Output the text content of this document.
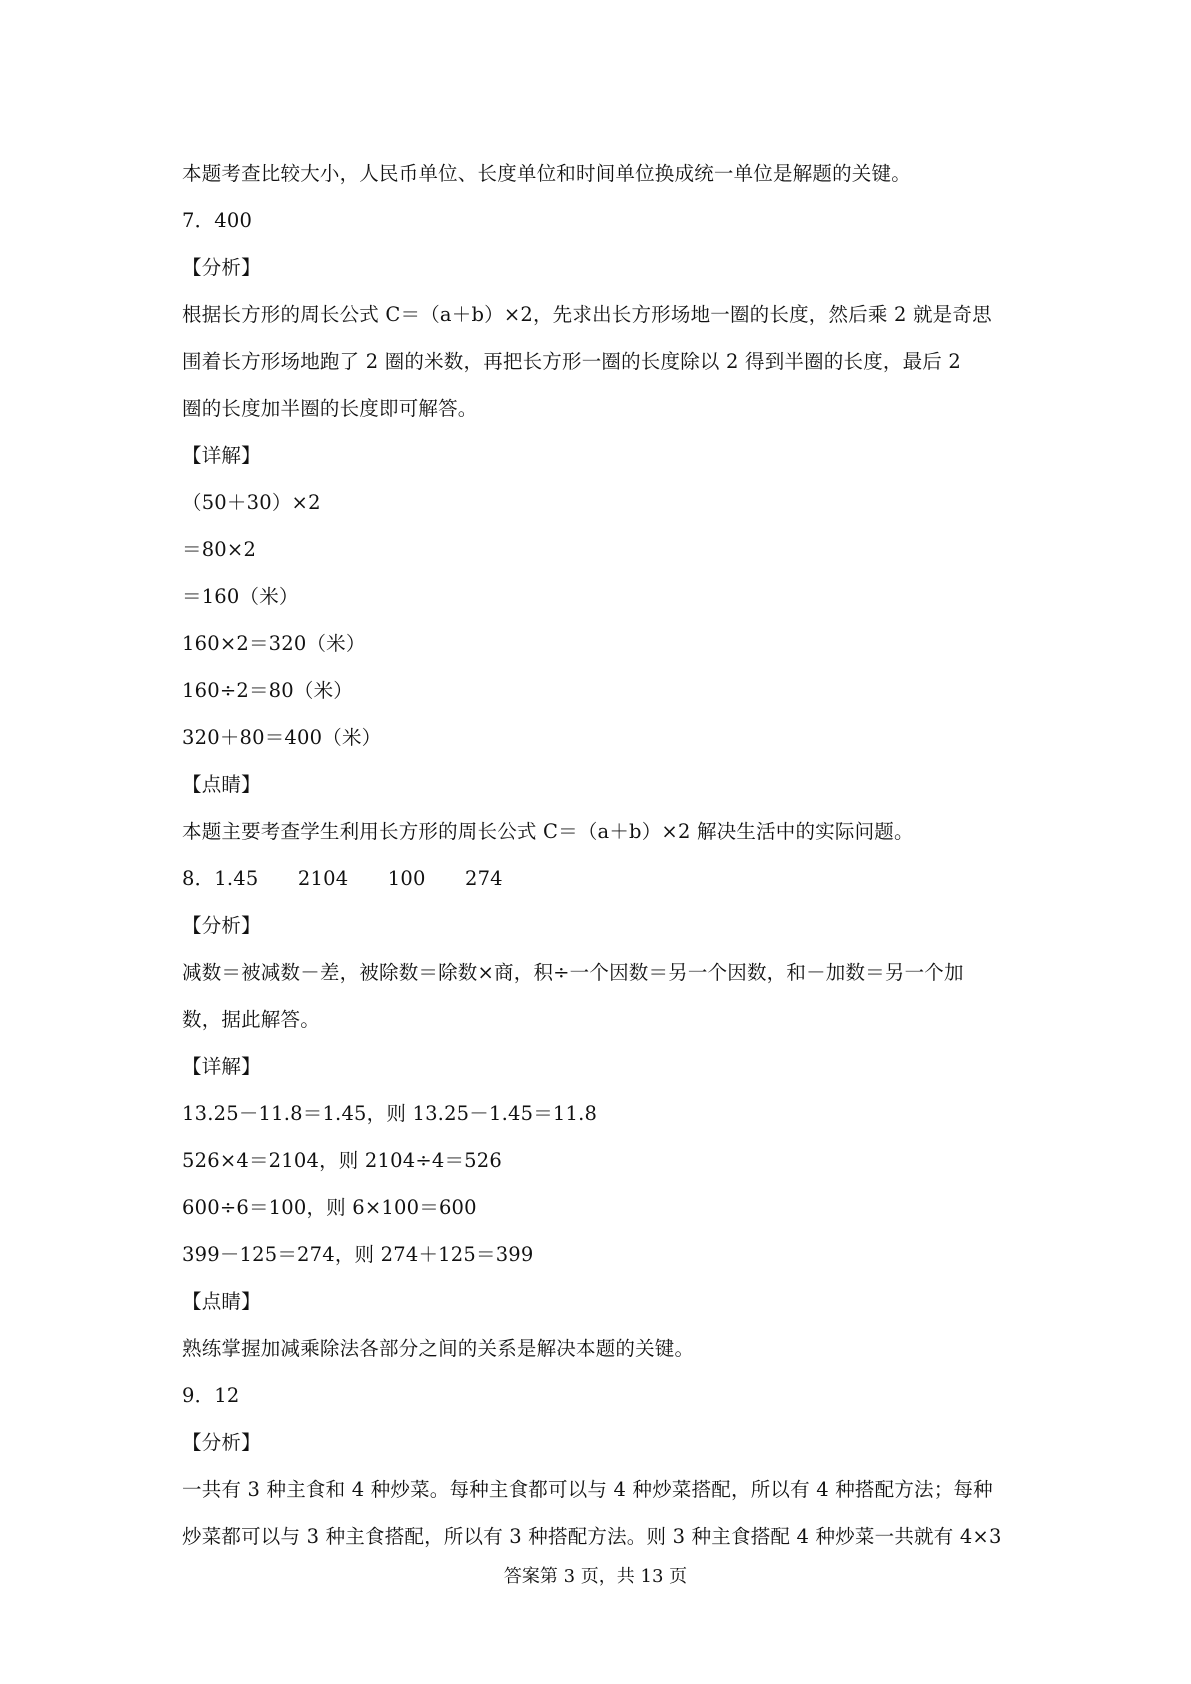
本题考查比较大小，人民币单位、长度单位和时间单位换成统一单位是解题的关键。
7．400
【分析】
根据长方形的周长公式 C＝（a＋b）×2，先求出长方形场地一圈的长度，然后乘 2 就是奇思
围着长方形场地跑了 2 圈的米数，再把长方形一圈的长度除以 2 得到半圈的长度，最后 2
圈的长度加半圈的长度即可解答。
【详解】
（50＋30）×2
＝80×2
＝160（米）
160×2＝320（米）
160÷2＝80（米）
320＋80＝400（米）
【点睛】
本题主要考查学生利用长方形的周长公式 C＝（a＋b）×2 解决生活中的实际问题。
8．1.45　　2104　　100　　274
【分析】
减数＝被减数－差，被除数＝除数×商，积÷一个因数＝另一个因数，和－加数＝另一个加
数，据此解答。
【详解】
13.25－11.8＝1.45，则 13.25－1.45＝11.8
526×4＝2104，则 2104÷4＝526
600÷6＝100，则 6×100＝600
399－125＝274，则 274＋125＝399
【点睛】
熟练掌握加减乘除法各部分之间的关系是解决本题的关键。
9．12
【分析】
一共有 3 种主食和 4 种炒菜。每种主食都可以与 4 种炒菜搭配，所以有 4 种搭配方法；每种
炒菜都可以与 3 种主食搭配，所以有 3 种搭配方法。则 3 种主食搭配 4 种炒菜一共就有 4×3
答案第 3 页，共 13 页
